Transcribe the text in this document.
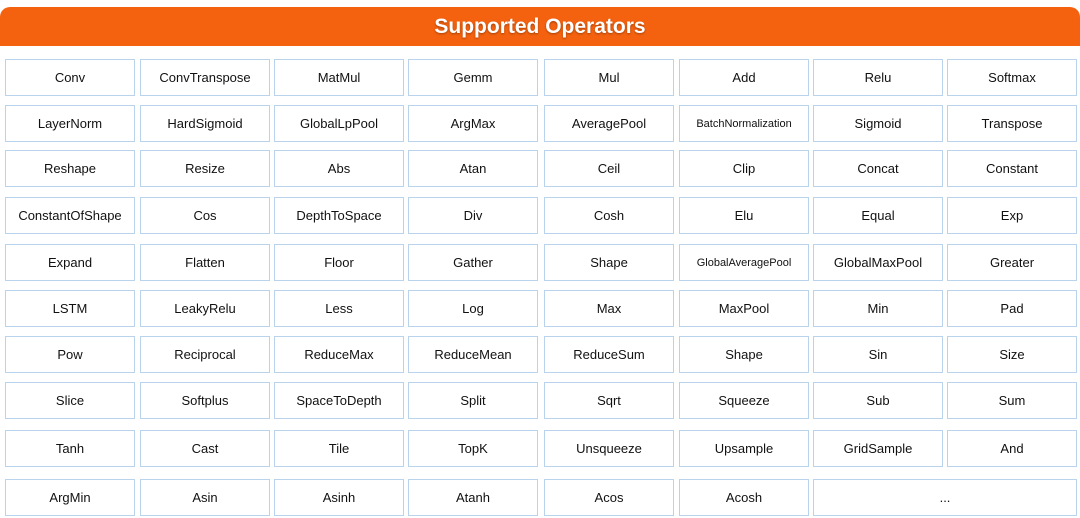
Supported Operators
Conv	ConvTranspose	MatMul	Gemm	Mul	Add	Relu	Softmax
LayerNorm	HardSigmoid	GlobalLpPool	ArgMax	AveragePool	BatchNormalization	Sigmoid	Transpose
Reshape	Resize	Abs	Atan	Ceil	Clip	Concat	Constant
ConstantOfShape	Cos	DepthToSpace	Div	Cosh	Elu	Equal	Exp
Expand	Flatten	Floor	Gather	Shape	GlobalAveragePool	GlobalMaxPool	Greater
LSTM	LeakyRelu	Less	Log	Max	MaxPool	Min	Pad
Pow	Reciprocal	ReduceMax	ReduceMean	ReduceSum	Shape	Sin	Size
Slice	Softplus	SpaceToDepth	Split	Sqrt	Squeeze	Sub	Sum
Tanh	Cast	Tile	TopK	Unsqueeze	Upsample	GridSample	And
ArgMin	Asin	Asinh	Atanh	Acos	Acosh	...
